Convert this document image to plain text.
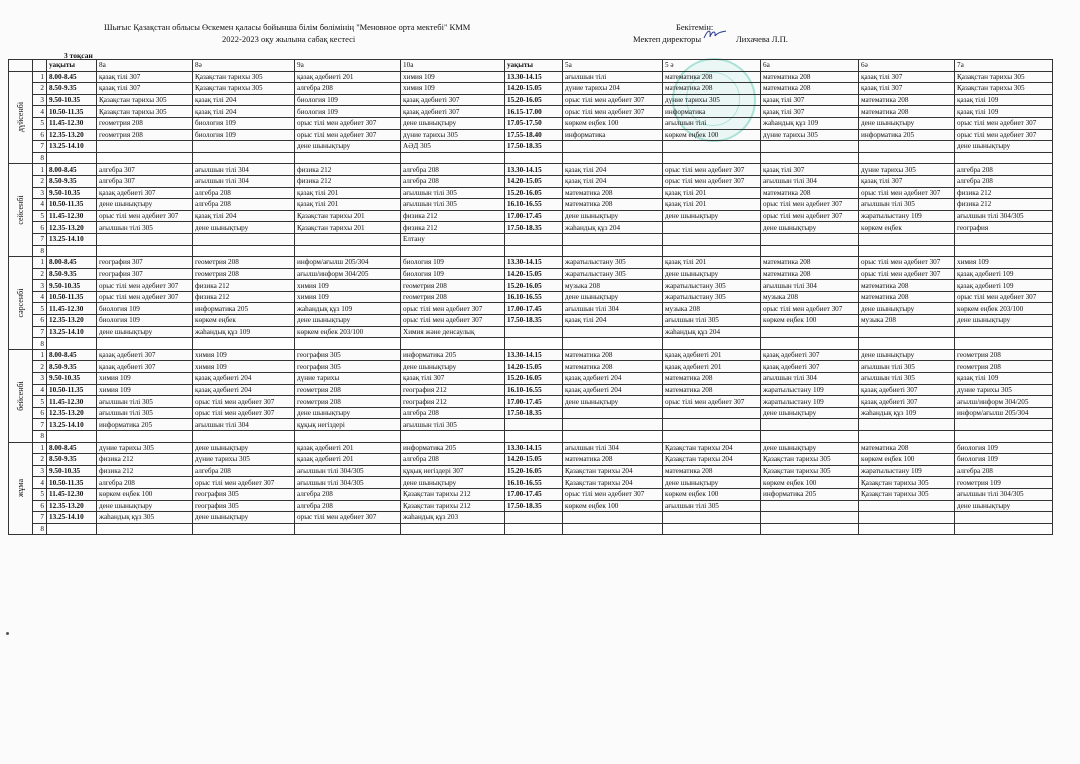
Шығыс Қазақстан облысы Өскемен қаласы бойынша білім бөлімінің "Меновное орта мектебі" КММ
2022-2023 оқу жылына сабақ кестесі
Бекітемін:
Мектеп директоры	Лихачева Л.П.
3 тоқсан
		уақыты	8а	8ә	9а	10а	уақыты	5а	5 ә	6а	6ә	7а

дүйсенбі	1	8.00-8.45	қазақ тілі 307	Қазақстан тарихы 305	қазақ әдебиеті 201	химия 109	13.30-14.15	ағылшын тілі	математика 208	математика 208	қазақ тілі 307	Қазақстан тарихы 305
	2	8.50-9.35	қазақ тілі 307	Қазақстан тарихы 305	алгебра 208	химия 109	14.20-15.05	дүние тарихы 204	математика 208	математика 208	қазақ тілі 307	Қазақстан тарихы 305
	3	9.50-10.35	Қазақстан тарихы 305	қазақ тілі 204	биология 109	қазақ әдебиеті 307	15.20-16.05	орыс тілі мен әдебиет 307	дүние тарихы 305	қазақ тілі 307	математика 208	қазақ тілі 109
	4	10.50-11.35	Қазақстан тарихы 305	қазақ тілі 204	биология 109	қазақ әдебиеті 307	16.15-17.00	орыс тілі мен әдебиет 307	информатика	қазақ тілі 307	математика 208	қазақ тілі 109
	5	11.45-12.30	геометрия 208	биология 109	орыс тілі мен әдебиет 307	дене шынықтыру	17.05-17.50	көркем еңбек 100	ағылшын тілі	жаһандық құз 109	дене шынықтыру	орыс тілі мен әдебиет 307
	6	12.35-13.20	геометрия 208	биология 109	орыс тілі мен әдебиет 307	дүние тарихы 305	17.55-18.40	информатика	көркем еңбек 100	дүние тарихы 305	информатика 205	орыс тілі мен әдебиет 307
	7	13.25-14.10			дене шынықтыру	АӘД 305	17.50-18.35					дене шынықтыру
	8											

сейсенбі	1	8.00-8.45	алгебра 307	ағылшын тілі 304	физика 212	алгебра 208	13.30-14.15	қазақ тілі 204	орыс тілі мен әдебиет 307	қазақ тілі 307	дүние тарихы 305	алгебра 208
	2	8.50-9.35	алгебра 307	ағылшын тілі 304	физика 212	алгебра 208	14.20-15.05	қазақ тілі 204	орыс тілі мен әдебиет 307	ағылшын тілі 304	қазақ тілі 307	алгебра 208
	3	9.50-10.35	қазақ әдебиеті 307	алгебра 208	қазақ тілі 201	ағылшын тілі 305	15.20-16.05	математика 208	қазақ тілі 201	математика 208	орыс тілі мен әдебиет 307	физика 212
	4	10.50-11.35	дене шынықтыру	алгебра 208	қазақ тілі 201	ағылшын тілі 305	16.10-16.55	математика 208	қазақ тілі 201	орыс тілі мен әдебиет 307	ағылшын тілі 305	физика 212
	5	11.45-12.30	орыс тілі мен әдебиет 307	қазақ тілі 204	Қазақстан тарихы 201	физика 212	17.00-17.45	дене шынықтыру	дене шынықтыру	орыс тілі мен әдебиет 307	жаратылыстану 109	ағылшын тілі 304/305
	6	12.35-13.20	ағылшын тілі 305	дене шынықтыру	Қазақстан тарихы 201	физика 212	17.50-18.35	жаһандық құз 204		дене шынықтыру	көркем еңбек	география
	7	13.25-14.10				Елтану						
	8											

сәрсенбі	1	8.00-8.45	география 307	геометрия 208	информ/ағылш 205/304	биология 109	13.30-14.15	жаратылыстану 305	қазақ тілі 201	математика 208	орыс тілі мен әдебиет 307	химия 109
	2	8.50-9.35	география 307	геометрия 208	ағылш/информ 304/205	биология 109	14.20-15.05	жаратылыстану 305	дене шынықтыру	математика 208	орыс тілі мен әдебиет 307	қазақ әдебиеті 109
	3	9.50-10.35	орыс тілі мен әдебиет 307	физика 212	химия 109	геометрия 208	15.20-16.05	музыка 208	жаратылыстану 305	ағылшын тілі 304	математика 208	қазақ әдебиеті 109
	4	10.50-11.35	орыс тілі мен әдебиет 307	физика 212	химия 109	геометрия 208	16.10-16.55	дене шынықтыру	жаратылыстану 305	музыка 208	математика 208	орыс тілі мен әдебиет 307
	5	11.45-12.30	биология 109	информатика 205	жаһандық құз 109	орыс тілі мен әдебиет 307	17.00-17.45	ағылшын тілі 304	музыка 208	орыс тілі мен әдебиет 307	дене шынықтыру	көркем еңбек 203/100
	6	12.35-13.20	биология 109	көркем еңбек	дене шынықтыру	орыс тілі мен әдебиет 307	17.50-18.35	қазақ тілі 204	ағылшын тілі 305	көркем еңбек 100	музыка 208	дене шынықтыру
	7	13.25-14.10	дене шынықтыру	жаһандық құз 109	көркем еңбек 203/100	Химия және денсаулық			жаһандық құз 204			
	8											

бейсенбі	1	8.00-8.45	қазақ әдебиеті 307	химия 109	география 305	информатика 205	13.30-14.15	математика 208	қазақ әдебиеті 201	қазақ әдебиеті 307	дене шынықтыру	геометрия 208
	2	8.50-9.35	қазақ әдебиеті 307	химия 109	география 305	дене шынықтыру	14.20-15.05	математика 208	қазақ әдебиеті 201	қазақ әдебиеті 307	ағылшын тілі 305	геометрия 208
	3	9.50-10.35	химия 109	қазақ әдебиеті 204	дүние тарихы	қазақ тілі 307	15.20-16.05	қазақ әдебиеті 204	математика 208	ағылшын тілі 304	ағылшын тілі 305	қазақ тілі 109
	4	10.50-11.35	химия 109	қазақ әдебиеті 204	геометрия 208	география 212	16.10-16.55	қазақ әдебиеті 204	математика 208	жаратылыстану 109	қазақ әдебиеті 307	дүние тарихы 305
	5	11.45-12.30	ағылшын тілі 305	орыс тілі мен әдебиет 307	геометрия 208	география 212	17.00-17.45	дене шынықтыру	орыс тілі мен әдебиет 307	жаратылыстану 109	қазақ әдебиеті 307	ағылш/информ 304/205
	6	12.35-13.20	ағылшын тілі 305	орыс тілі мен әдебиет 307	дене шынықтыру	алгебра 208	17.50-18.35			дене шынықтыру	жаһандық құз 109	информ/ағылш 205/304
	7	13.25-14.10	информатика 205	ағылшын тілі 304	құқық негіздері	ағылшын тілі 305						
	8											

жұма	1	8.00-8.45	дүние тарихы 305	дене шынықтыру	қазақ әдебиеті 201	информатика 205	13.30-14.15	ағылшын тілі 304	Қазақстан тарихы 204	дене шынықтыру	математика 208	биология 109
	2	8.50-9.35	физика 212	дүние тарихы 305	қазақ әдебиеті 201	алгебра 208	14.20-15.05	математика 208	Қазақстан тарихы 204	Қазақстан тарихы 305	көркем еңбек 100	биология 109
	3	9.50-10.35	физика 212	алгебра 208	ағылшын тілі 304/305	құқық негіздері 307	15.20-16.05	Қазақстан тарихы 204	математика 208	Қазақстан тарихы 305	жаратылыстану 109	алгебра 208
	4	10.50-11.35	алгебра 208	орыс тілі мен әдебиет 307	ағылшын тілі 304/305	дене шынықтыру	16.10-16.55	Қазақстан тарихы 204	дене шынықтыру	көркем еңбек 100	Қазақстан тарихы 305	геометрия 109
	5	11.45-12.30	көркем еңбек 100	география 305	алгебра 208	Қазақстан тарихы 212	17.00-17.45	орыс тілі мен әдебиет 307	көркем еңбек 100	информатика 205	Қазақстан тарихы 305	ағылшын тілі 304/305
	6	12.35-13.20	дене шынықтыру	география 305	алгебра 208	Қазақстан тарихы 212	17.50-18.35	көркем еңбек 100	ағылшын тілі 305			дене шынықтыру
	7	13.25-14.10	жаһандық құз 305	дене шынықтыру	орыс тілі мен әдебиет 307	жаһандық құз 203						
	8											
